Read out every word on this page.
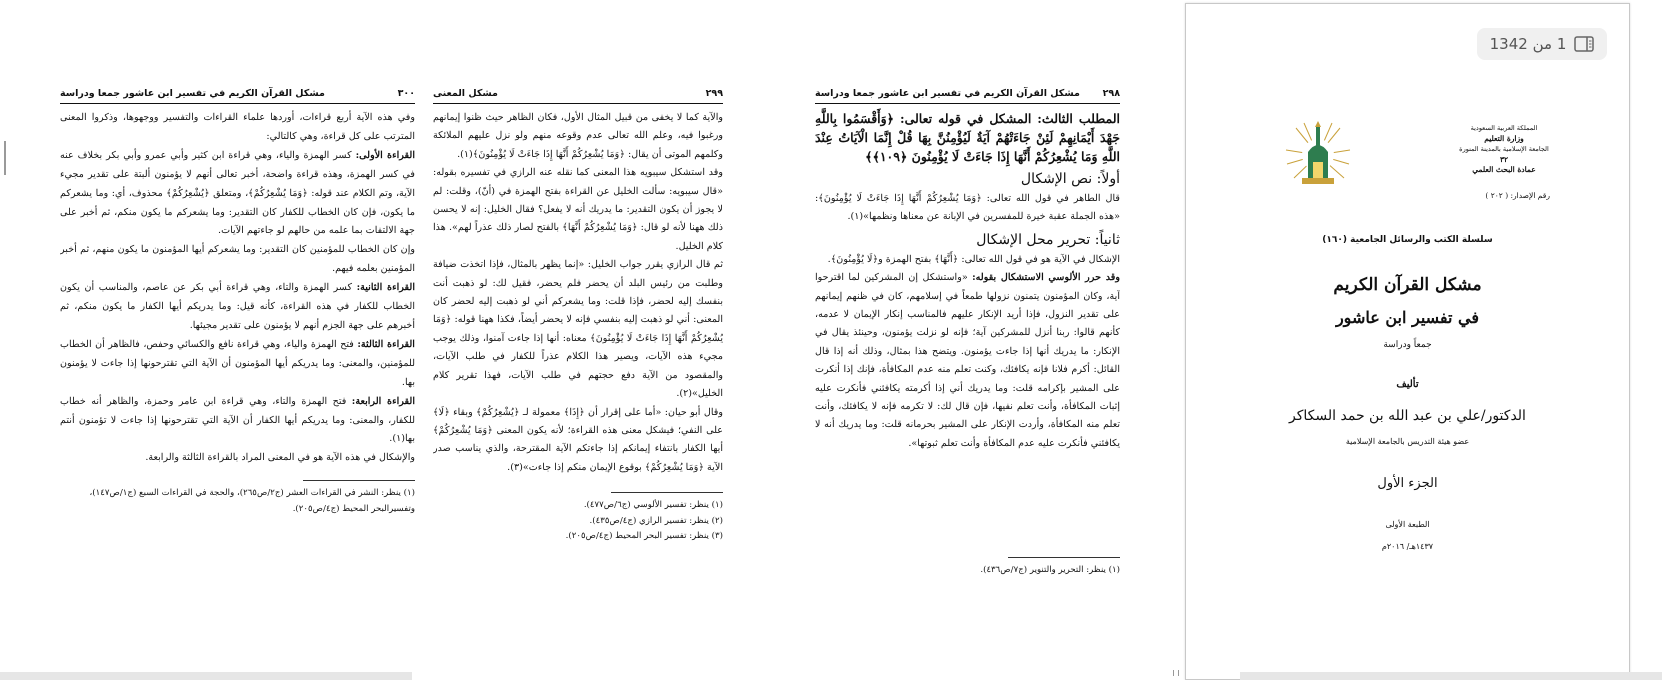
٣٠٠
مشكل القرآن الكريم في تفسير ابن عاشور جمعا ودراسة

وفي هذه الآية أربع قراءات، أوردها علماء القراءات والتفسير ووجهوها، وذكروا المعنى المترتب على كل قراءة، وهي كالتالي:

القراءة الأولى: كسر الهمزة والياء، وهي قراءة ابن كثير وأبي عمرو وأبي بكر بخلاف عنه في كسر الهمزة، وهذه قراءة واضحة، أخبر تعالى أنهم لا يؤمنون ألبتة على تقدير مجيء الآية، وتم الكلام عند قوله: ﴿وَمَا يُشْعِرُكُمْ﴾، ومتعلق ﴿يُشْعِرُكُمْ﴾ محذوف، أي: وما يشعركم ما يكون، فإن كان الخطاب للكفار كان التقدير: وما يشعركم ما يكون منكم، ثم أخبر على جهة الالتفات بما علمه من حالهم لو جاءتهم الآيات.

وإن كان الخطاب للمؤمنين كان التقدير: وما يشعركم أيها المؤمنون ما يكون منهم، ثم أخبر المؤمنين بعلمه فيهم.

القراءة الثانية: كسر الهمزة والتاء، وهي قراءة أبي بكر عن عاصم، والمناسب أن يكون الخطاب للكفار في هذه القراءة، كأنه قيل: وما يدريكم أيها الكفار ما يكون منكم، ثم أخبرهم على جهة الجزم أنهم لا يؤمنون على تقدير مجيئها.

القراءة الثالثة: فتح الهمزة والياء، وهي قراءة نافع والكسائي وحفص، فالظاهر أن الخطاب للمؤمنين، والمعنى: وما يدريكم أيها المؤمنون أن الآية التي تقترحونها إذا جاءت لا يؤمنون بها.

القراءة الرابعة: فتح الهمزة والتاء، وهي قراءة ابن عامر وحمزة، والظاهر أنه خطاب للكفار، والمعنى: وما يدريكم أيها الكفار أن الآية التي تقترحونها إذا جاءت لا تؤمنون أنتم بها(١).

والإشكال في هذه الآية هو في المعنى المراد بالقراءة الثالثة والرابعة.

(١) ينظر: النشر في القراءات العشر (ج٢/ص٢٦٥)، والحجة في القراءات السبع (ج١/ص١٤٧)، وتفسيرالبحر المحيط (ج٤/ص٢٠٥).

٢٩٩
مشكل المعنى

والآية كما لا يخفى من قبيل المثال الأول، فكان الظاهر حيث ظنوا إيمانهم ورغبوا فيه، وعلم الله تعالى عدم وقوعه منهم ولو نزل عليهم الملائكة وكلمهم الموتى أن يقال: ﴿وَمَا يُشْعِرُكُمْ أَنَّهَا إِذَا جَاءَتْ لَا يُؤْمِنُونَ﴾(١).

وقد استشكل سيبويه هذا المعنى كما نقله عنه الرازي في تفسيره بقوله: «قال سيبويه: سألت الخليل عن القراءة بفتح الهمزة في (أنّ)، وقلت: لم لا يجوز أن يكون التقدير: ما يدريك أنه لا يفعل؟ فقال الخليل: إنه لا يحسن ذلك ههنا لأنه لو قال: ﴿وَمَا يُشْعِرُكُمْ أَنَّهَا﴾ بالفتح لصار ذلك عذراً لهم». هذا كلام الخليل.

ثم قال الرازي يقرر جواب الخليل: «إنما يظهر بالمثال، فإذا اتخذت ضيافة وطلبت من رئيس البلد أن يحضر فلم يحضر، فقيل لك: لو ذهبت أنت بنفسك إليه لحضر، فإذا قلت: وما يشعركم أني لو ذهبت إليه لحضر كان المعنى: أني لو ذهبت إليه بنفسي فإنه لا يحضر أيضاً، فكذا ههنا قوله: ﴿وَمَا يُشْعِرُكُمْ أَنَّهَا إِذَا جَاءَتْ لَا يُؤْمِنُونَ﴾ معناه: أنها إذا جاءت آمنوا، وذلك يوجب مجيء هذه الآيات، ويصير هذا الكلام عذراً للكفار في طلب الآيات، والمقصود من الآية دفع حجتهم في طلب الآيات، فهذا تقرير كلام الخليل»(٢).

وقال أبو حيان: «أما على إقرار أن ﴿إِذَا﴾ معمولة لـ ﴿يُشْعِرُكُمْ﴾ وبقاء ﴿لَا﴾ على النفي؛ فيشكل معنى هذه القراءة؛ لأنه يكون المعنى ﴿وَمَا يُشْعِرُكُمْ﴾ أيها الكفار بانتفاء إيمانكم إذا جاءتكم الآية المقترحة، والذي يناسب صدر الآية ﴿وَمَا يُشْعِرُكُمْ﴾ بوقوع الإيمان منكم إذا جاءت»(٣).

(١) ينظر: تفسير الألوسي (ج٦/ص٤٧٧).

(٢) ينظر: تفسير الرازي (ج٤/ص٤٣٥).

(٣) ينظر: تفسير البحر المحيط (ج٤/ص٢٠٥).

٢٩٨
مشكل القرآن الكريم في تفسير ابن عاشور جمعا ودراسة

المطلب الثالث: المشكل في قوله تعالى: ﴿وَأَقْسَمُوا بِاللَّهِ جَهْدَ أَيْمَانِهِمْ لَئِنْ جَاءَتْهُمْ آيَةٌ لَيُؤْمِنُنَّ بِهَا قُلْ إِنَّمَا الْآيَاتُ عِنْدَ اللَّهِ وَمَا يُشْعِرُكُمْ أَنَّهَا إِذَا جَاءَتْ لَا يُؤْمِنُونَ ﴿١٠٩﴾﴾

أولاً: نص الإشكال

قال الطاهر في قول الله تعالى: ﴿وَمَا يُشْعِرُكُمْ أَنَّهَا إِذَا جَاءَتْ لَا يُؤْمِنُونَ﴾: «هذه الجملة عقبة خيرة للمفسرين في الإبانة عن معناها ونظمها»(١).

ثانياً: تحرير محل الإشكال

الإشكال في الآية هو في قول الله تعالى: ﴿أَنَّهَا﴾ بفتح الهمزة و﴿لَا يُؤْمِنُونَ﴾.

وقد حرر الألوسي الاستشكال بقوله: «واستشكل إن المشركين لما اقترحوا آية، وكان المؤمنون يتمنون نزولها طمعاً في إسلامهم، كان في ظنهم إيمانهم على تقدير النزول، فإذا أريد الإنكار عليهم فالمناسب إنكار الإيمان لا عدمه، كأنهم قالوا: ربنا أنزل للمشركين آية؛ فإنه لو نزلت يؤمنون، وحينئذ يقال في الإنكار: ما يدريك أنها إذا جاءت يؤمنون. ويتضح هذا بمثال، وذلك أنه إذا قال القائل: أكرم فلانا فإنه يكافئك، وكنت تعلم منه عدم المكافأة، فإنك إذا أنكرت على المشير بإكرامه قلت: وما يدريك أني إذا أكرمته يكافئني فأنكرت عليه إثبات المكافأة، وأنت تعلم نفيها، فإن قال لك: لا تكرمه فإنه لا يكافئك، وأنت تعلم منه المكافأة، وأردت الإنكار على المشير بحرمانه قلت: وما يدريك أنه لا يكافئني فأنكرت عليه عدم المكافأة وأنت تعلم ثبوتها».

(١) ينظر: التحرير والتنوير (ج٧/ص٤٣٦).

1 من 1342
المملكة العربية السعودية
وزارة التعليم
الجامعة الإسلامية بالمدينة المنورة
٣٢
عمادة البحث العلمي
رقم الإصدار: ( ٢٠٢ )
سلسلة الكتب والرسائل الجامعية (١٦٠)
مشكل القرآن الكريم
في تفسير ابن عاشور
جمعاً ودراسة
تأليف
الدكتور/علي بن عبد الله بن حمد السكاكر
عضو هيئة التدريس بالجامعة الإسلامية
الجزء الأول
الطبعة الأولى
١٤٣٧هـ/ ٢٠١٦م
